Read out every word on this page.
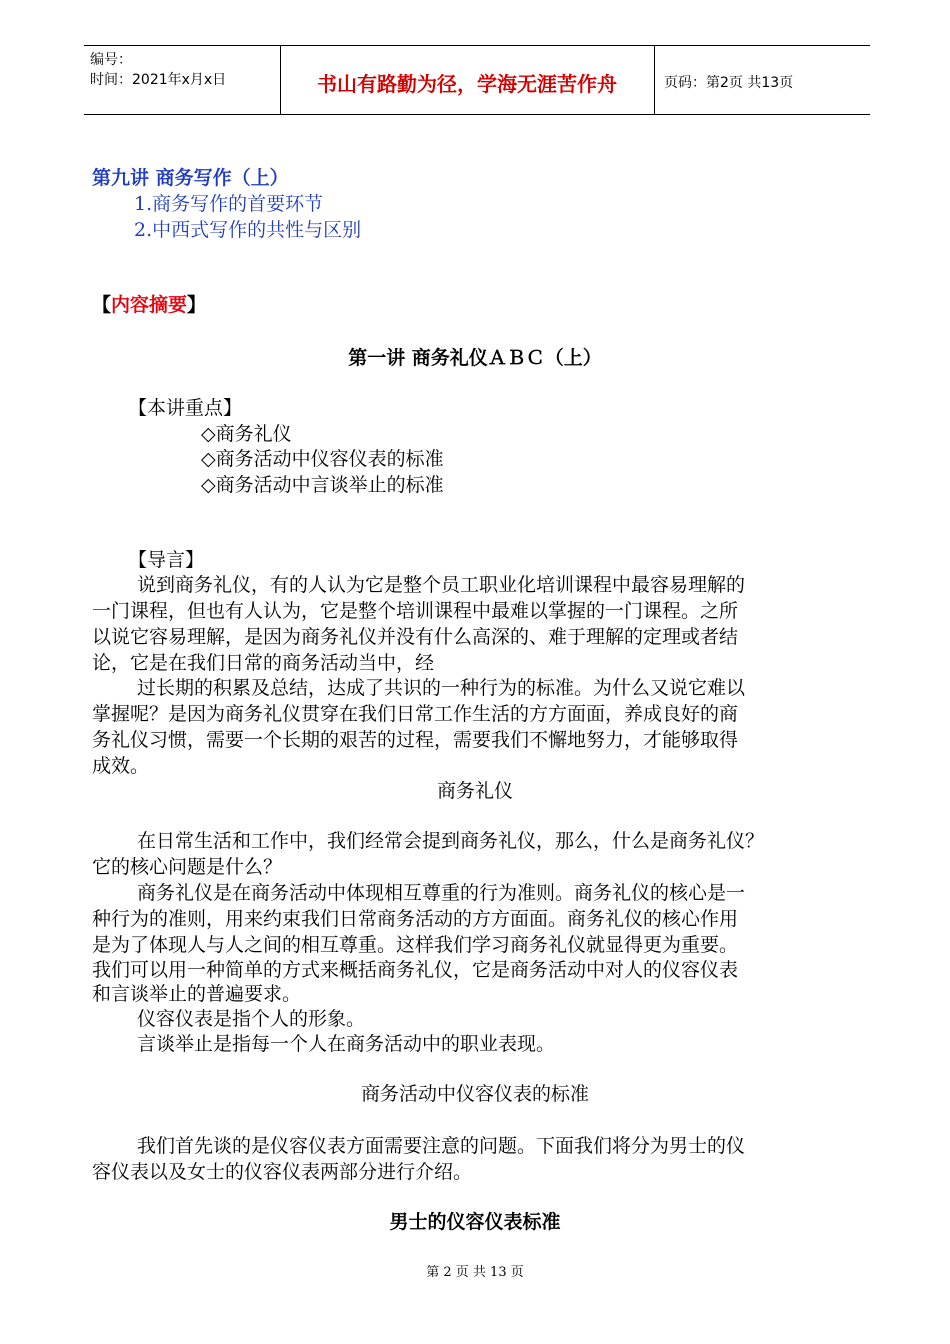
编号：
时间：2021年x月x日	书山有路勤为径，学海无涯苦作舟	页码：第2页 共13页
第九讲 商务写作（上）
1.商务写作的首要环节
2.中西式写作的共性与区别
【内容摘要】
第一讲 商务礼仪ＡＢＣ（上）
【本讲重点】
◇商务礼仪
◇商务活动中仪容仪表的标准
◇商务活动中言谈举止的标准
【导言】
说到商务礼仪，有的人认为它是整个员工职业化培训课程中最容易理解的
一门课程，但也有人认为，它是整个培训课程中最难以掌握的一门课程。之所
以说它容易理解，是因为商务礼仪并没有什么高深的、难于理解的定理或者结
论，它是在我们日常的商务活动当中，经
过长期的积累及总结，达成了共识的一种行为的标准。为什么又说它难以
掌握呢？是因为商务礼仪贯穿在我们日常工作生活的方方面面，养成良好的商
务礼仪习惯，需要一个长期的艰苦的过程，需要我们不懈地努力，才能够取得
成效。
商务礼仪
在日常生活和工作中，我们经常会提到商务礼仪，那么，什么是商务礼仪？
它的核心问题是什么？
商务礼仪是在商务活动中体现相互尊重的行为准则。商务礼仪的核心是一
种行为的准则，用来约束我们日常商务活动的方方面面。商务礼仪的核心作用
是为了体现人与人之间的相互尊重。这样我们学习商务礼仪就显得更为重要。
我们可以用一种简单的方式来概括商务礼仪，它是商务活动中对人的仪容仪表
和言谈举止的普遍要求。
仪容仪表是指个人的形象。
言谈举止是指每一个人在商务活动中的职业表现。
商务活动中仪容仪表的标准
我们首先谈的是仪容仪表方面需要注意的问题。下面我们将分为男士的仪
容仪表以及女士的仪容仪表两部分进行介绍。
男士的仪容仪表标准
第 2 页 共 13 页
